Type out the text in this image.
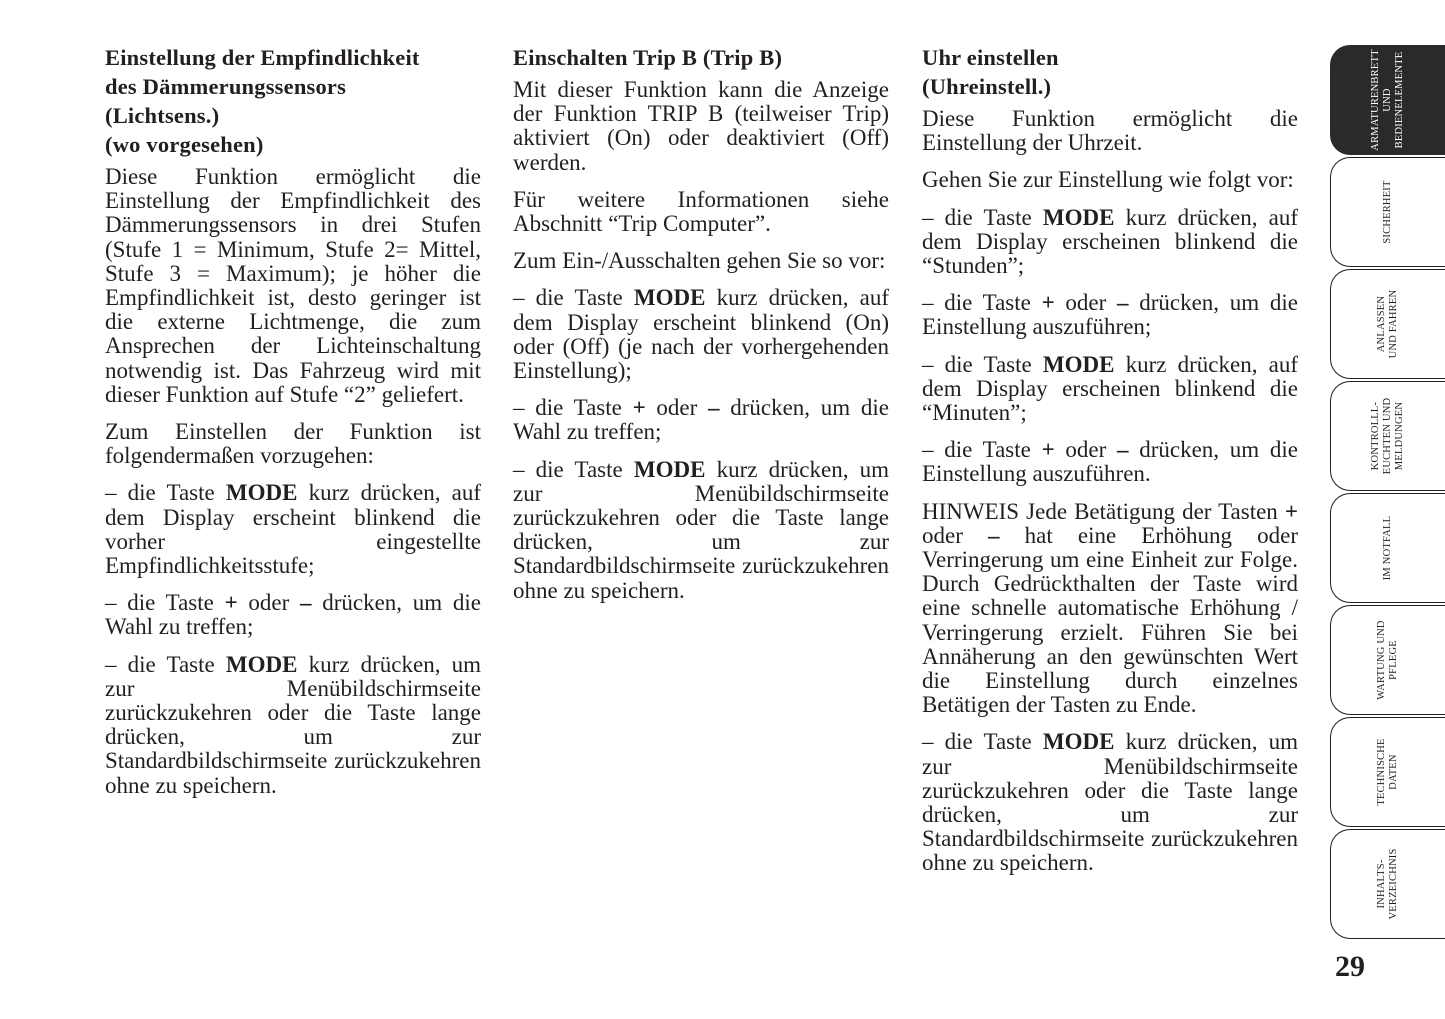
Einstellung der Empfindlichkeit
des Dämmerungssensors
(Lichtsens.)
(wo vorgesehen)

Diese Funktion ermöglicht die Einstellung der Empfindlichkeit des Dämmerungssensors in drei Stufen (Stufe 1 = Minimum, Stufe 2= Mittel, Stufe 3 = Maximum); je höher die Empfindlichkeit ist, desto geringer ist die externe Lichtmenge, die zum Ansprechen der Lichteinschaltung notwendig ist. Das Fahrzeug wird mit dieser Funktion auf Stufe “2” geliefert.

Zum Einstellen der Funktion ist folgendermaßen vorzugehen:

– die Taste MODE kurz drücken, auf dem Display erscheint blinkend die vorher eingestellte Empfindlichkeitsstufe;

– die Taste + oder – drücken, um die Wahl zu treffen;

– die Taste MODE kurz drücken, um zur Menübildschirmseite zurückzukehren oder die Taste lange drücken, um zur Standardbildschirmseite zurückzukehren ohne zu speichern.

Einschalten Trip B (Trip B)

Mit dieser Funktion kann die Anzeige der Funktion TRIP B (teilweiser Trip) aktiviert (On) oder deaktiviert (Off) werden.

Für weitere Informationen siehe Abschnitt “Trip Computer”.

Zum Ein-/Ausschalten gehen Sie so vor:

– die Taste MODE kurz drücken, auf dem Display erscheint blinkend (On) oder (Off) (je nach der vorhergehenden Einstellung);

– die Taste + oder – drücken, um die Wahl zu treffen;

– die Taste MODE kurz drücken, um zur Menübildschirmseite zurückzukehren oder die Taste lange drücken, um zur Standardbildschirmseite zurückzukehren ohne zu speichern.

Uhr einstellen
(Uhreinstell.)

Diese Funktion ermöglicht die Einstellung der Uhrzeit.

Gehen Sie zur Einstellung wie folgt vor:

– die Taste MODE kurz drücken, auf dem Display erscheinen blinkend die “Stunden”;

– die Taste + oder – drücken, um die Einstellung auszuführen;

– die Taste MODE kurz drücken, auf dem Display erscheinen blinkend die “Minuten”;

– die Taste + oder – drücken, um die Einstellung auszuführen.

HINWEIS Jede Betätigung der Tasten + oder – hat eine Erhöhung oder Verringerung um eine Einheit zur Folge. Durch Gedrückthalten der Taste wird eine schnelle automatische Erhöhung / Verringerung erzielt. Führen Sie bei Annäherung an den gewünschten Wert die Einstellung durch einzelnes Betätigen der Tasten zu Ende.

– die Taste MODE kurz drücken, um zur Menübildschirmseite zurückzukehren oder die Taste lange drücken, um zur Standardbildschirmseite zurückzukehren ohne zu speichern.

ARMATURENBRETT UND BEDIENELEMENTE
SICHERHEIT
ANLASSEN UND FAHREN
KONTROLLL- EUCHTEN UND MELDUNGEN
IM NOTFALL
WARTUNG UND PFLEGE
TECHNISCHE DATEN
INHALTS- VERZEICHNIS
29
